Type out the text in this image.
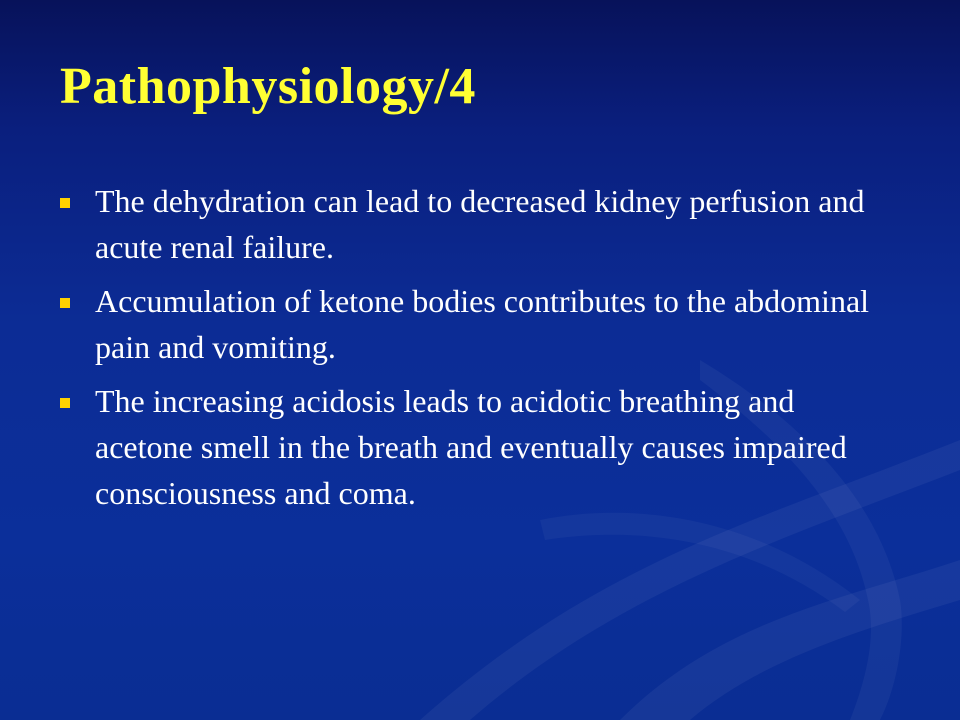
Pathophysiology/4
The dehydration can lead to decreased kidney perfusion and acute renal failure.
Accumulation of ketone bodies contributes to the abdominal pain and vomiting.
The increasing acidosis leads to acidotic breathing and acetone smell in the breath and eventually causes impaired consciousness and coma.
